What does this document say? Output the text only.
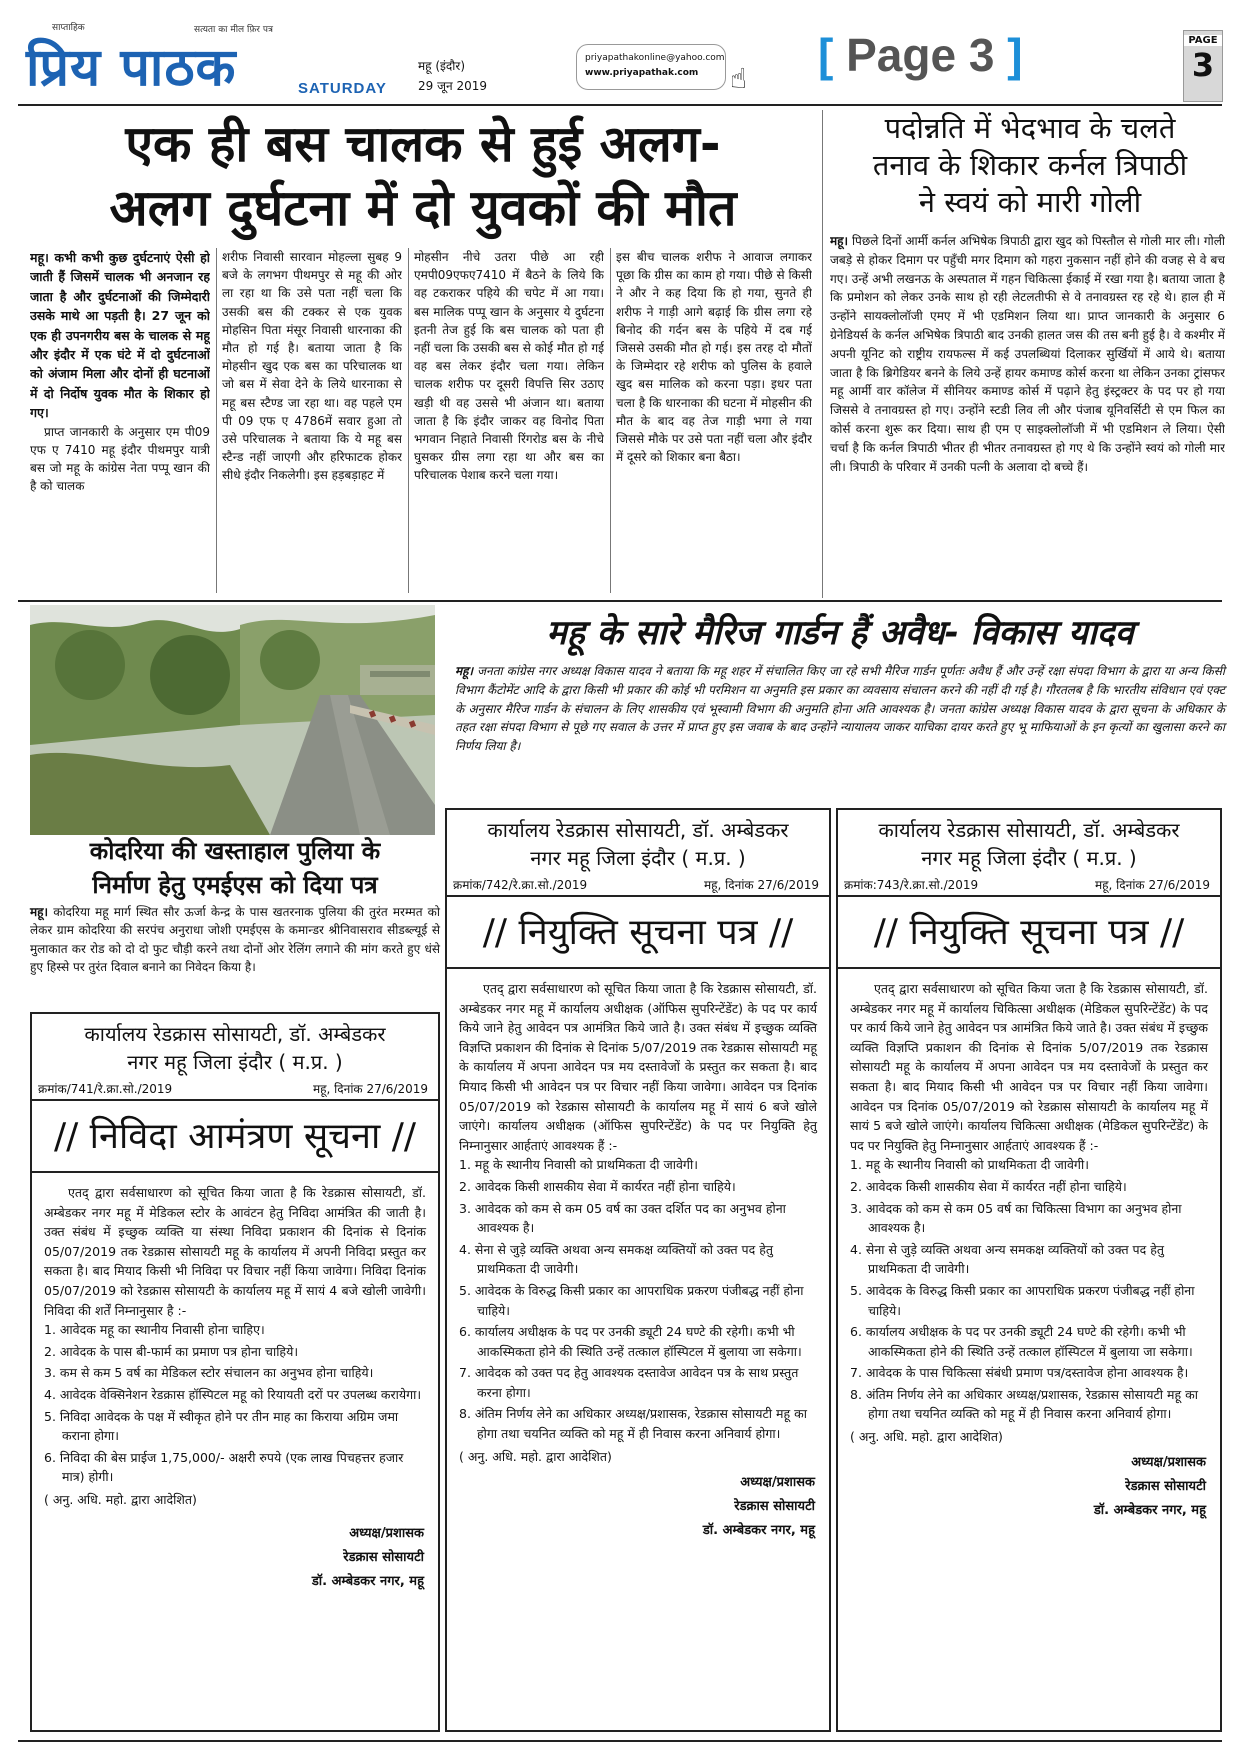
साप्ताहिक	सत्यता का मील फ़िर पत्र
प्रिय पाठक	SATURDAY
महू (इंदौर)
29 जून 2019
priyapathakonline@yahoo.com
www.priyapathak.com	☝ [ Page 3 ]	PAGE
3
एक ही बस चालक से हुई अलग-
अलग दुर्घटना में दो युवकों की मौत
पदोन्नति में भेदभाव के चलते
तनाव के शिकार कर्नल त्रिपाठी
ने स्वयं को मारी गोली
महू। कभी कभी कुछ दुर्घटनाएं ऐसी हो जाती हैं जिसमें चालक भी अनजान रह जाता है और दुर्घटनाओं की जिम्मेदारी उसके माथे आ पड़ती है। 27 जून को एक ही उपनगरीय बस के चालक से महू और इंदौर में एक घंटे में दो दुर्घटनाओं को अंजाम मिला और दोनों ही घटनाओं में दो निर्दोष युवक मौत के शिकार हो गए।
प्राप्त जानकारी के अनुसार एम पी09 एफ ए 7410 महू इंदौर पीथमपुर यात्री बस जो महू के कांग्रेस नेता पप्पू खान की है को चालक
शरीफ निवासी सारवान मोहल्ला सुबह 9 बजे के लगभग पीथमपुर से महू की ओर ला रहा था कि उसे पता नहीं चला कि उसकी बस की टक्कर से एक युवक मोहसिन पिता मंसूर निवासी धारनाका की मौत हो गई है। बताया जाता है कि मोहसीन खुद एक बस का परिचालक था जो बस में सेवा देने के लिये धारनाका से महू बस स्टैण्ड जा रहा था। वह पहले एम पी 09 एफ ए 4786में सवार हुआ तो उसे परिचालक ने बताया कि ये महू बस स्टैन्ड नहीं जाएगी और हरिफाटक होकर सीधे इंदौर निकलेगी। इस हड़बड़ाहट में
मोहसीन नीचे उतरा पीछे आ रही एमपी09एफए7410 में बैठने के लिये कि वह टकराकर पहिये की चपेट में आ गया। बस मालिक पप्पू खान के अनुसार ये दुर्घटना इतनी तेज हुई कि बस चालक को पता ही नहीं चला कि उसकी बस से कोई मौत हो गई वह बस लेकर इंदौर चला गया। लेकिन चालक शरीफ पर दूसरी विपत्ति सिर उठाए खड़ी थी वह उससे भी अंजान था। बताया जाता है कि इंदौर जाकर वह विनोद पिता भगवान निहाते निवासी रिंगरोड बस के नीचे घुसकर ग्रीस लगा रहा था और बस का परिचालक पेशाब करने चला गया।
इस बीच चालक शरीफ ने आवाज लगाकर पूछा कि ग्रीस का काम हो गया। पीछे से किसी ने और ने कह दिया कि हो गया, सुनते ही शरीफ ने गाड़ी आगे बढ़ाई कि ग्रीस लगा रहे बिनोद की गर्दन बस के पहिये में दब गई जिससे उसकी मौत हो गई। इस तरह दो मौतों के जिम्मेदार रहे शरीफ को पुलिस के हवाले खुद बस मालिक को करना पड़ा। इधर पता चला है कि धारनाका की घटना में मोहसीन की मौत के बाद वह तेज गाड़ी भगा ले गया जिससे मौके पर उसे पता नहीं चला और इंदौर में दूसरे को शिकार बना बैठा।
महू। पिछले दिनों आर्मी कर्नल अभिषेक त्रिपाठी द्वारा खुद को पिस्तौल से गोली मार ली। गोली जबड़े से होकर दिमाग पर पहुँची मगर दिमाग को गहरा नुकसान नहीं होने की वजह से वे बच गए। उन्हें अभी लखनऊ के अस्पताल में गहन चिकित्सा ईकाई में रखा गया है। बताया जाता है कि प्रमोशन को लेकर उनके साथ हो रही लेटलतीफी से वे तनावग्रस्त रह रहे थे। हाल ही में उन्होंने सायक्लोलॉजी एमए में भी एडमिशन लिया था। प्राप्त जानकारी के अनुसार 6 ग्रेनेडियर्स के कर्नल अभिषेक त्रिपाठी बाद उनकी हालत जस की तस बनी हुई है। वे कश्मीर में अपनी यूनिट को राष्ट्रीय रायफल्स में कई उपलब्धियां दिलाकर सुर्खियों में आये थे। बताया जाता है कि ब्रिगेडियर बनने के लिये उन्हें हायर कमाण्ड कोर्स करना था लेकिन उनका ट्रांसफर महू आर्मी वार कॉलेज में सीनियर कमाण्ड कोर्स में पढ़ाने हेतु इंस्ट्रक्टर के पद पर हो गया जिससे वे तनावग्रस्त हो गए। उन्होंने स्टडी लिव ली और पंजाब यूनिवर्सिटी से एम फिल का कोर्स करना शुरू कर दिया। साथ ही एम ए साइक्लोलॉजी में भी एडमिशन ले लिया। ऐसी चर्चा है कि कर्नल त्रिपाठी भीतर ही भीतर तनावग्रस्त हो गए थे कि उन्होंने स्वयं को गोली मार ली। त्रिपाठी के परिवार में उनकी पत्नी के अलावा दो बच्चे हैं।
महू के सारे मैरिज गार्डन हैं अवैध- विकास यादव
महू। जनता कांग्रेस नगर अध्यक्ष विकास यादव ने बताया कि महू शहर में संचालित किए जा रहे सभी मैरिज गार्डन पूर्णतः अवैध हैं और उन्हें रक्षा संपदा विभाग के द्वारा या अन्य किसी विभाग कैंटोमेंट आदि के द्वारा किसी भी प्रकार की कोई भी परमिशन या अनुमति इस प्रकार का व्यवसाय संचालन करने की नहीं दी गई है। गौरतलब है कि भारतीय संविधान एवं एक्ट के अनुसार मैरिज गार्डन के संचालन के लिए शासकीय एवं भूस्वामी विभाग की अनुमति होना अति आवश्यक है। जनता कांग्रेस अध्यक्ष विकास यादव के द्वारा सूचना के अधिकार के तहत रक्षा संपदा विभाग से पूछे गए सवाल के उत्तर में प्राप्त हुए इस जवाब के बाद उन्होंने न्यायालय जाकर याचिका दायर करते हुए भू माफियाओं के इन कृत्यों का खुलासा करने का निर्णय लिया है।
कोदरिया की खस्ताहाल पुलिया के
निर्माण हेतु एमईएस को दिया पत्र
महू। कोदरिया महू मार्ग स्थित सौर ऊर्जा केन्द्र के पास खतरनाक पुलिया की तुरंत मरम्मत को लेकर ग्राम कोदरिया की सरपंच अनुराधा जोशी एमईएस के कमान्डर श्रीनिवासराव सीडब्ल्यूई से मुलाकात कर रोड को दो दो फुट चौड़ी करने तथा दोनों ओर रेलिंग लगाने की मांग करते हुए धंसे हुए हिस्से पर तुरंत दिवाल बनाने का निवेदन किया है।
कार्यालय रेडक्रास सोसायटी, डॉ. अम्बेडकर
नगर महू जिला इंदौर ( म.प्र. )
क्रमांक/741/रे.क्रा.सो./2019	महू, दिनांक 27/6/2019
// निविदा आमंत्रण सूचना //
एतद् द्वारा सर्वसाधारण को सूचित किया जाता है कि रेडक्रास सोसायटी, डॉ. अम्बेडकर नगर महू में मेडिकल स्टोर के आवंटन हेतु निविदा आमंत्रित की जाती है। उक्त संबंध में इच्छुक व्यक्ति या संस्था निविदा प्रकाशन की दिनांक से दिनांक 05/07/2019 तक रेडक्रास सोसायटी महू के कार्यालय में अपनी निविदा प्रस्तुत कर सकता है। बाद मियाद किसी भी निविदा पर विचार नहीं किया जावेगा। निविदा दिनांक 05/07/2019 को रेडक्रास सोसायटी के कार्यालय महू में सायं 4 बजे खोली जावेगी। निविदा की शर्तें निम्नानुसार है :-
1. आवेदक महू का स्थानीय निवासी होना चाहिए।
2. आवेदक के पास बी-फार्म का प्रमाण पत्र होना चाहिये।
3. कम से कम 5 वर्ष का मेडिकल स्टोर संचालन का अनुभव होना चाहिये।
4. आवेदक वेक्सिनेशन रेडक्रास हॉस्पिटल महू को रियायती दरों पर उपलब्ध करायेगा।
5. निविदा आवेदक के पक्ष में स्वीकृत होने पर तीन माह का किराया अग्रिम जमा कराना होगा।
6. निविदा की बेस प्राईज 1,75,000/- अक्षरी रुपये (एक लाख पिचहत्तर हजार मात्र) होगी।
( अनु. अधि. महो. द्वारा आदेशित)
अध्यक्ष/प्रशासक
रेडक्रास सोसायटी
डॉ. अम्बेडकर नगर, महू
कार्यालय रेडक्रास सोसायटी, डॉ. अम्बेडकर
नगर महू जिला इंदौर ( म.प्र. )
क्रमांक/742/रे.क्रा.सो./2019	महू, दिनांक 27/6/2019
// नियुक्ति सूचना पत्र //
एतद् द्वारा सर्वसाधारण को सूचित किया जाता है कि रेडक्रास सोसायटी, डॉ. अम्बेडकर नगर महू में कार्यालय अधीक्षक (ऑफिस सुपरिन्टेंडेंट) के पद पर कार्य किये जाने हेतु आवेदन पत्र आमंत्रित किये जाते है। उक्त संबंध में इच्छुक व्यक्ति विज्ञप्ति प्रकाशन की दिनांक से दिनांक 5/07/2019 तक रेडक्रास सोसायटी महू के कार्यालय में अपना आवेदन पत्र मय दस्तावेजों के प्रस्तुत कर सकता है। बाद मियाद किसी भी आवेदन पत्र पर विचार नहीं किया जावेगा। आवेदन पत्र दिनांक 05/07/2019 को रेडक्रास सोसायटी के कार्यालय महू में सायं 6 बजे खोले जाएंगे। कार्यालय अधीक्षक (ऑफिस सुपरिन्टेंडेंट) के पद पर नियुक्ति हेतु निम्नानुसार आर्हताएं आवश्यक हैं :-
1. महू के स्थानीय निवासी को प्राथमिकता दी जावेगी।
2. आवेदक किसी शासकीय सेवा में कार्यरत नहीं होना चाहिये।
3. आवेदक को कम से कम 05 वर्ष का उक्त दर्शित पद का अनुभव होना आवश्यक है।
4. सेना से जुड़े व्यक्ति अथवा अन्य समकक्ष व्यक्तियों को उक्त पद हेतु प्राथमिकता दी जावेगी।
5. आवेदक के विरुद्ध किसी प्रकार का आपराधिक प्रकरण पंजीबद्ध नहीं होना चाहिये।
6. कार्यालय अधीक्षक के पद पर उनकी ड्यूटी 24 घण्टे की रहेगी। कभी भी आकस्मिकता होने की स्थिति उन्हें तत्काल हॉस्पिटल में बुलाया जा सकेगा।
7. आवेदक को उक्त पद हेतु आवश्यक दस्तावेज आवेदन पत्र के साथ प्रस्तुत करना होगा।
8. अंतिम निर्णय लेने का अधिकार अध्यक्ष/प्रशासक, रेडक्रास सोसायटी महू का होगा तथा चयनित व्यक्ति को महू में ही निवास करना अनिवार्य होगा।
( अनु. अधि. महो. द्वारा आदेशित)
अध्यक्ष/प्रशासक
रेडक्रास सोसायटी
डॉ. अम्बेडकर नगर, महू
कार्यालय रेडक्रास सोसायटी, डॉ. अम्बेडकर
नगर महू जिला इंदौर ( म.प्र. )
क्रमांक:743/रे.क्रा.सो./2019	महू, दिनांक 27/6/2019
// नियुक्ति सूचना पत्र //
एतद् द्वारा सर्वसाधारण को सूचित किया जता है कि रेडक्रास सोसायटी, डॉ. अम्बेडकर नगर महू में कार्यालय चिकित्सा अधीक्षक (मेडिकल सुपरिन्टेंडेंट) के पद पर कार्य किये जाने हेतु आवेदन पत्र आमंत्रित किये जाते है। उक्त संबंध में इच्छुक व्यक्ति विज्ञप्ति प्रकाशन की दिनांक से दिनांक 5/07/2019 तक रेडक्रास सोसायटी महू के कार्यालय में अपना आवेदन पत्र मय दस्तावेजों के प्रस्तुत कर सकता है। बाद मियाद किसी भी आवेदन पत्र पर विचार नहीं किया जावेगा। आवेदन पत्र दिनांक 05/07/2019 को रेडक्रास सोसायटी के कार्यालय महू में सायं 5 बजे खोले जाएंगे। कार्यालय चिकित्सा अधीक्षक (मेडिकल सुपरिन्टेंडेंट) के पद पर नियुक्ति हेतु निम्नानुसार आर्हताएं आवश्यक हैं :-
1. महू के स्थानीय निवासी को प्राथमिकता दी जावेगी।
2. आवेदक किसी शासकीय सेवा में कार्यरत नहीं होना चाहिये।
3. आवेदक को कम से कम 05 वर्ष का चिकित्सा विभाग का अनुभव होना आवश्यक है।
4. सेना से जुड़े व्यक्ति अथवा अन्य समकक्ष व्यक्तियों को उक्त पद हेतु प्राथमिकता दी जावेगी।
5. आवेदक के विरुद्ध किसी प्रकार का आपराधिक प्रकरण पंजीबद्ध नहीं होना चाहिये।
6. कार्यालय अधीक्षक के पद पर उनकी ड्यूटी 24 घण्टे की रहेगी। कभी भी आकस्मिकता होने की स्थिति उन्हें तत्काल हॉस्पिटल में बुलाया जा सकेगा।
7. आवेदक के पास चिकित्सा संबंधी प्रमाण पत्र/दस्तावेज होना आवश्यक है।
8. अंतिम निर्णय लेने का अधिकार अध्यक्ष/प्रशासक, रेडक्रास सोसायटी महू का होगा तथा चयनित व्यक्ति को महू में ही निवास करना अनिवार्य होगा।
( अनु. अधि. महो. द्वारा आदेशित)
अध्यक्ष/प्रशासक
रेडक्रास सोसायटी
डॉ. अम्बेडकर नगर, महू
